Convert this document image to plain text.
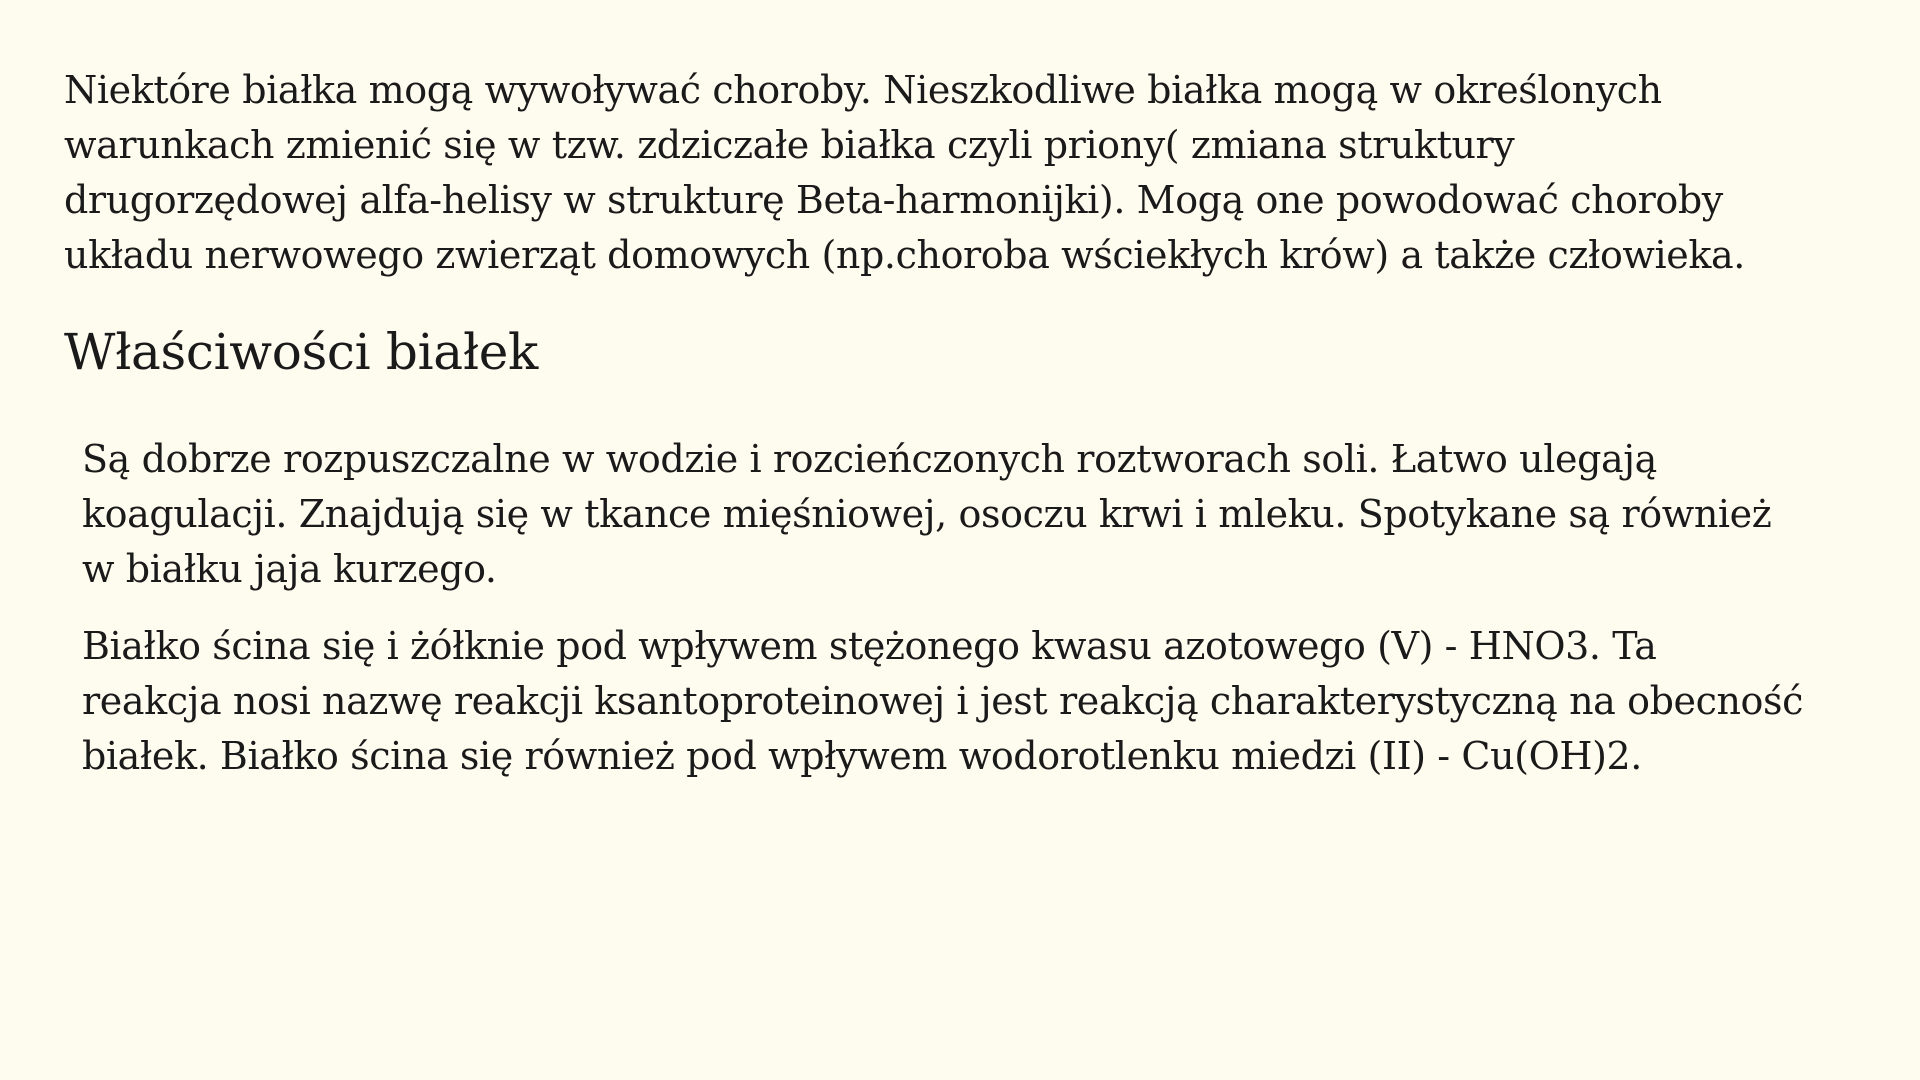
Niektóre białka mogą wywoływać choroby. Nieszkodliwe białka mogą w określonych
warunkach zmienić się w tzw. zdziczałe białka czyli priony( zmiana struktury
drugorzędowej alfa-helisy w strukturę Beta-harmonijki). Mogą one powodować choroby
układu nerwowego zwierząt domowych (np.choroba wściekłych krów) a także człowieka.

Właściwości białek

Są dobrze rozpuszczalne w wodzie i rozcieńczonych roztworach soli. Łatwo ulegają
koagulacji. Znajdują się w tkance mięśniowej, osoczu krwi i mleku. Spotykane są również
w białku jaja kurzego.

Białko ścina się i żółknie pod wpływem stężonego kwasu azotowego (V) - HNO3. Ta
reakcja nosi nazwę reakcji ksantoproteinowej i jest reakcją charakterystyczną na obecność
białek. Białko ścina się również pod wpływem wodorotlenku miedzi (II) - Cu(OH)2.
